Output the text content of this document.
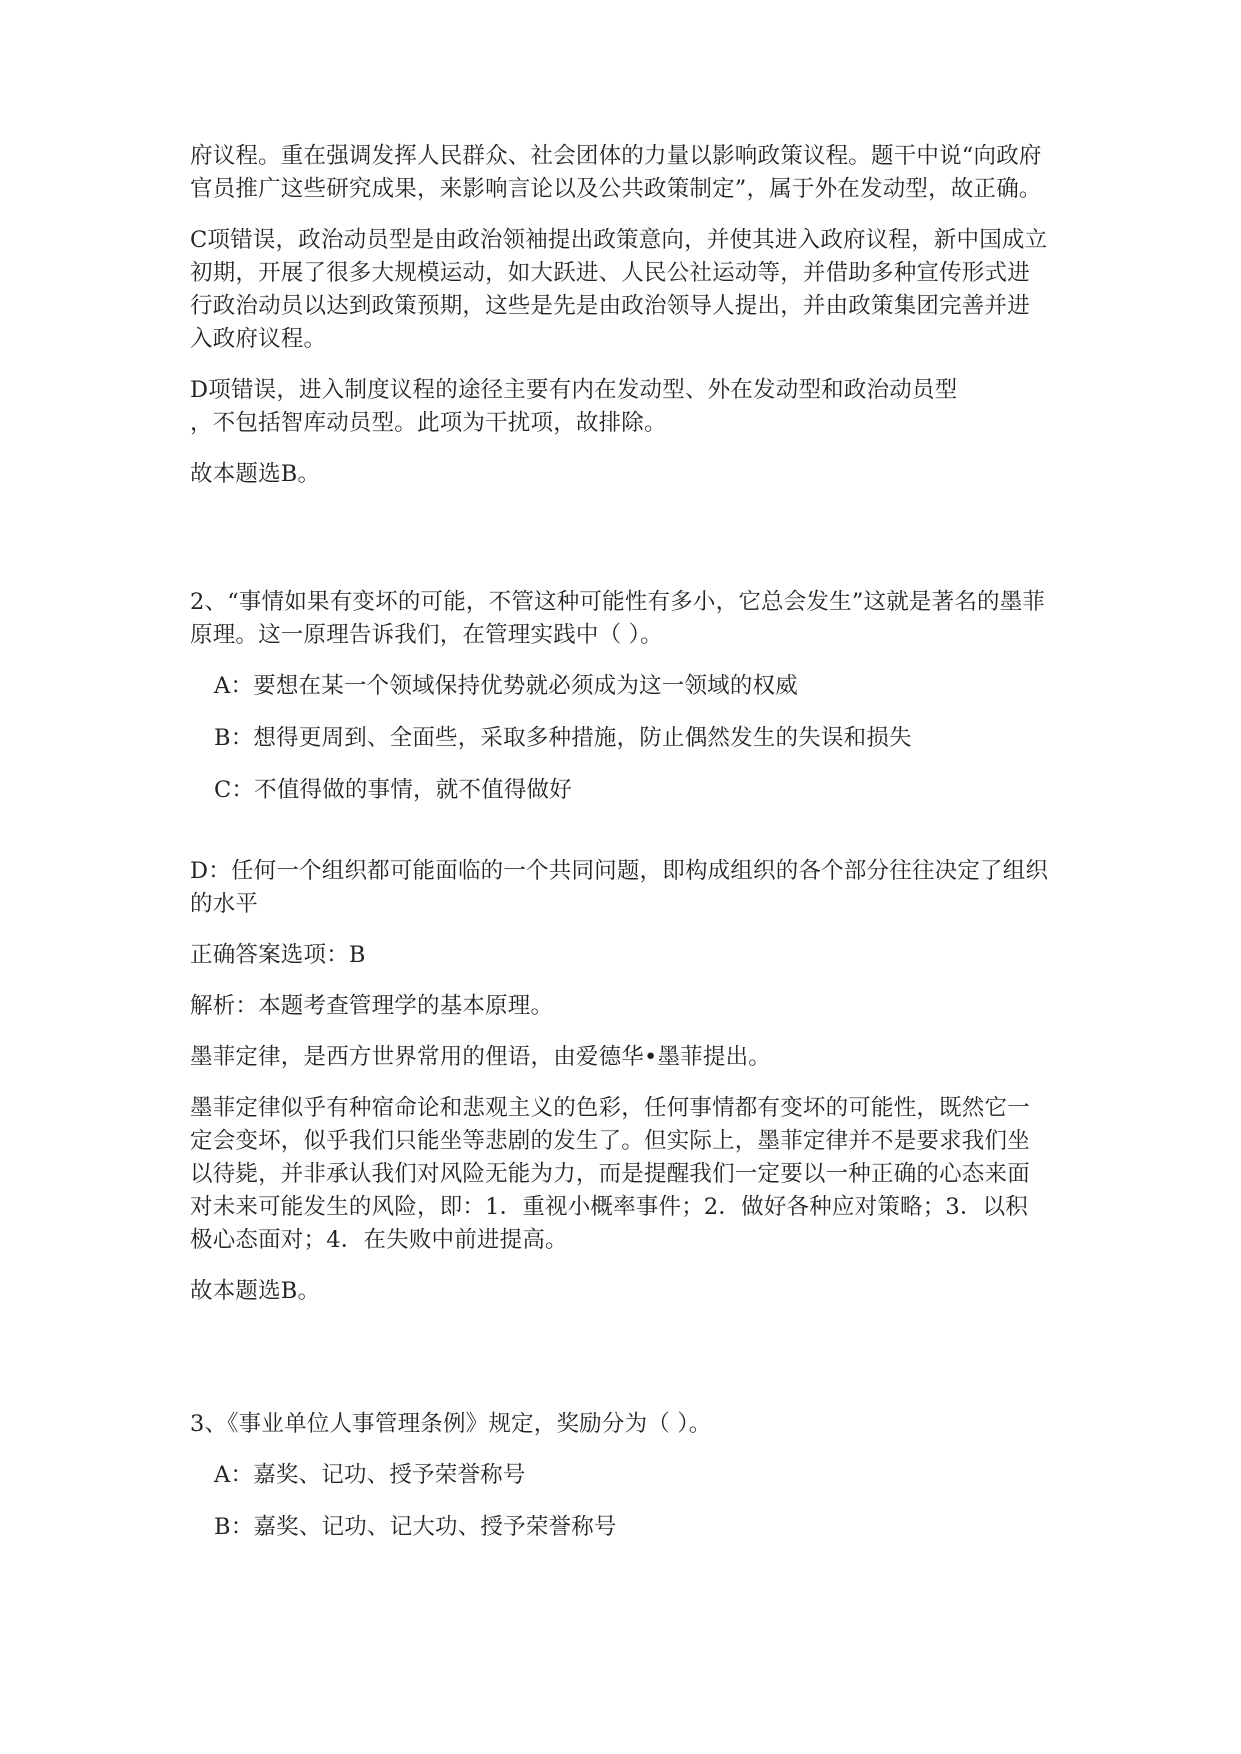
府议程。重在强调发挥人民群众、社会团体的力量以影响政策议程。题干中说“向政府官员推广这些研究成果，来影响言论以及公共政策制定”，属于外在发动型，故正确。

C项错误，政治动员型是由政治领袖提出政策意向，并使其进入政府议程，新中国成立初期，开展了很多大规模运动，如大跃进、人民公社运动等，并借助多种宣传形式进行政治动员以达到政策预期，这些是先是由政治领导人提出，并由政策集团完善并进入政府议程。

D项错误，进入制度议程的途径主要有内在发动型、外在发动型和政治动员型

，不包括智库动员型。此项为干扰项，故排除。

故本题选B。

2、“事情如果有变坏的可能，不管这种可能性有多小，它总会发生”这就是著名的墨菲原理。这一原理告诉我们，在管理实践中（ ）。

A：要想在某一个领域保持优势就必须成为这一领域的权威

B：想得更周到、全面些，采取多种措施，防止偶然发生的失误和损失

C：不值得做的事情，就不值得做好

D：任何一个组织都可能面临的一个共同问题，即构成组织的各个部分往往决定了组织的水平

正确答案选项：B

解析：本题考查管理学的基本原理。

墨菲定律，是西方世界常用的俚语，由爱德华•墨菲提出。

墨菲定律似乎有种宿命论和悲观主义的色彩，任何事情都有变坏的可能性，既然它一定会变坏，似乎我们只能坐等悲剧的发生了。但实际上，墨菲定律并不是要求我们坐以待毙，并非承认我们对风险无能为力，而是提醒我们一定要以一种正确的心态来面对未来可能发生的风险，即：1．重视小概率事件；2．做好各种应对策略；3．以积极心态面对；4．在失败中前进提高。

故本题选B。

3、《事业单位人事管理条例》规定，奖励分为（ ）。

A：嘉奖、记功、授予荣誉称号

B：嘉奖、记功、记大功、授予荣誉称号
